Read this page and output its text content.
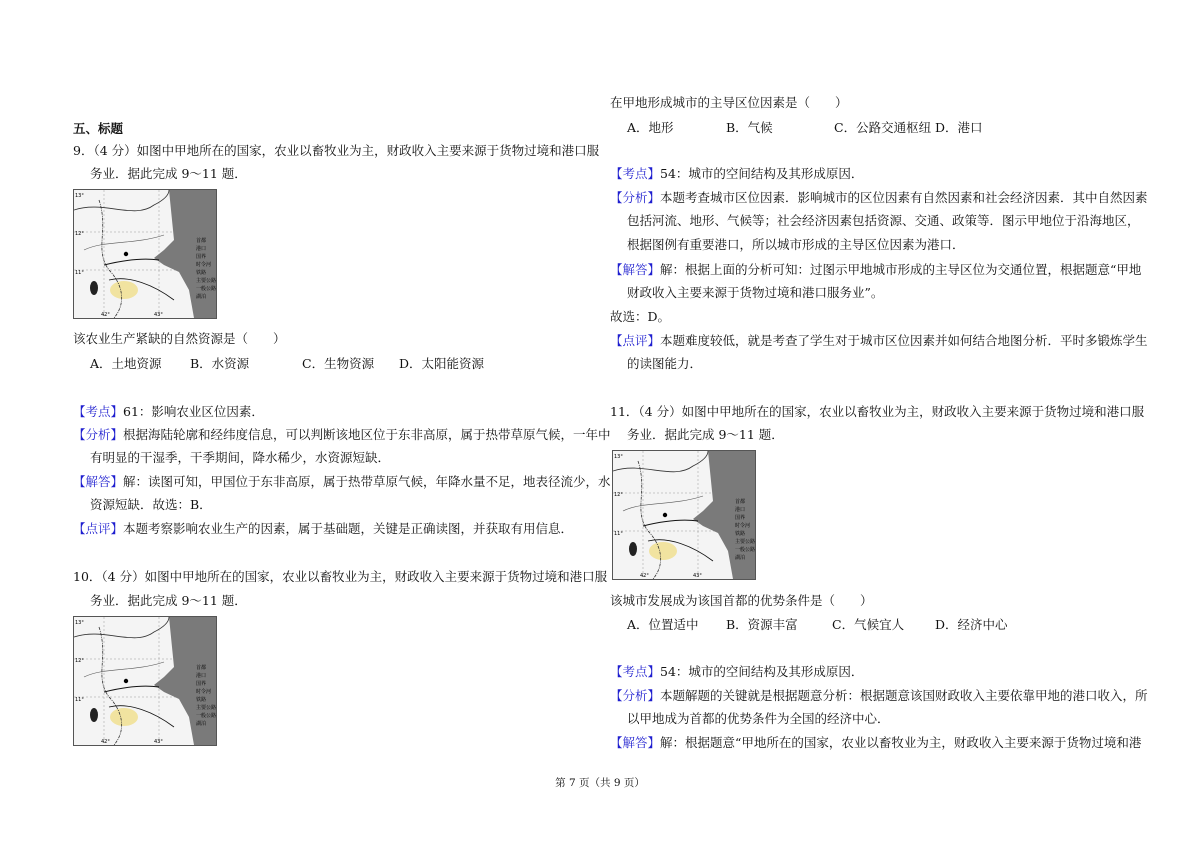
五、标题
9．（4 分）如图中甲地所在的国家，农业以畜牧业为主，财政收入主要来源于货物过境和港口服
务业．据此完成 9～11 题．
首都
港口
国界
时令河
铁路
主要公路
一般公路
湖泊
13°
12°
11°
42°	43°
该农业生产紧缺的自然资源是（　　）
A．土地资源 B．水资源	C．生物资源 D．太阳能资源
【考点】61：影响农业区位因素．
【分析】根据海陆轮廓和经纬度信息，可以判断该地区位于东非高原，属于热带草原气候，一年中
有明显的干湿季，干季期间，降水稀少，水资源短缺．
【解答】解：读图可知，甲国位于东非高原，属于热带草原气候，年降水量不足，地表径流少，水
资源短缺．故选：B．
【点评】本题考察影响农业生产的因素，属于基础题，关键是正确读图，并获取有用信息．
10．（4 分）如图中甲地所在的国家，农业以畜牧业为主，财政收入主要来源于货物过境和港口服
务业．据此完成 9～11 题．
首都
港口
国界
时令河
铁路
主要公路
一般公路
湖泊
13°
12°
11°
42°	43°
在甲地形成城市的主导区位因素是（　　）
A．地形	B．气候	C．公路交通枢纽 D．港口
【考点】54：城市的空间结构及其形成原因．
【分析】本题考查城市区位因素．影响城市的区位因素有自然因素和社会经济因素．其中自然因素
包括河流、地形、气候等；社会经济因素包括资源、交通、政策等．图示甲地位于沿海地区，
根据图例有重要港口，所以城市形成的主导区位因素为港口．
【解答】解：根据上面的分析可知：过图示甲地城市形成的主导区位为交通位置，根据题意“甲地
财政收入主要来源于货物过境和港口服务业”。
故选：D。
【点评】本题难度较低，就是考查了学生对于城市区位因素并如何结合地图分析．平时多锻炼学生
的读图能力．
11．（4 分）如图中甲地所在的国家，农业以畜牧业为主，财政收入主要来源于货物过境和港口服
务业．据此完成 9～11 题．
首都
港口
国界
时令河
铁路
主要公路
一般公路
湖泊
13°
12°
11°
42°	43°
该城市发展成为该国首都的优势条件是（　　）
A．位置适中 B．资源丰富	C．气候宜人 D．经济中心
【考点】54：城市的空间结构及其形成原因．
【分析】本题解题的关键就是根据题意分析：根据题意该国财政收入主要依靠甲地的港口收入，所
以甲地成为首都的优势条件为全国的经济中心．
【解答】解：根据题意“甲地所在的国家，农业以畜牧业为主，财政收入主要来源于货物过境和港
第 7 页（共 9 页）
